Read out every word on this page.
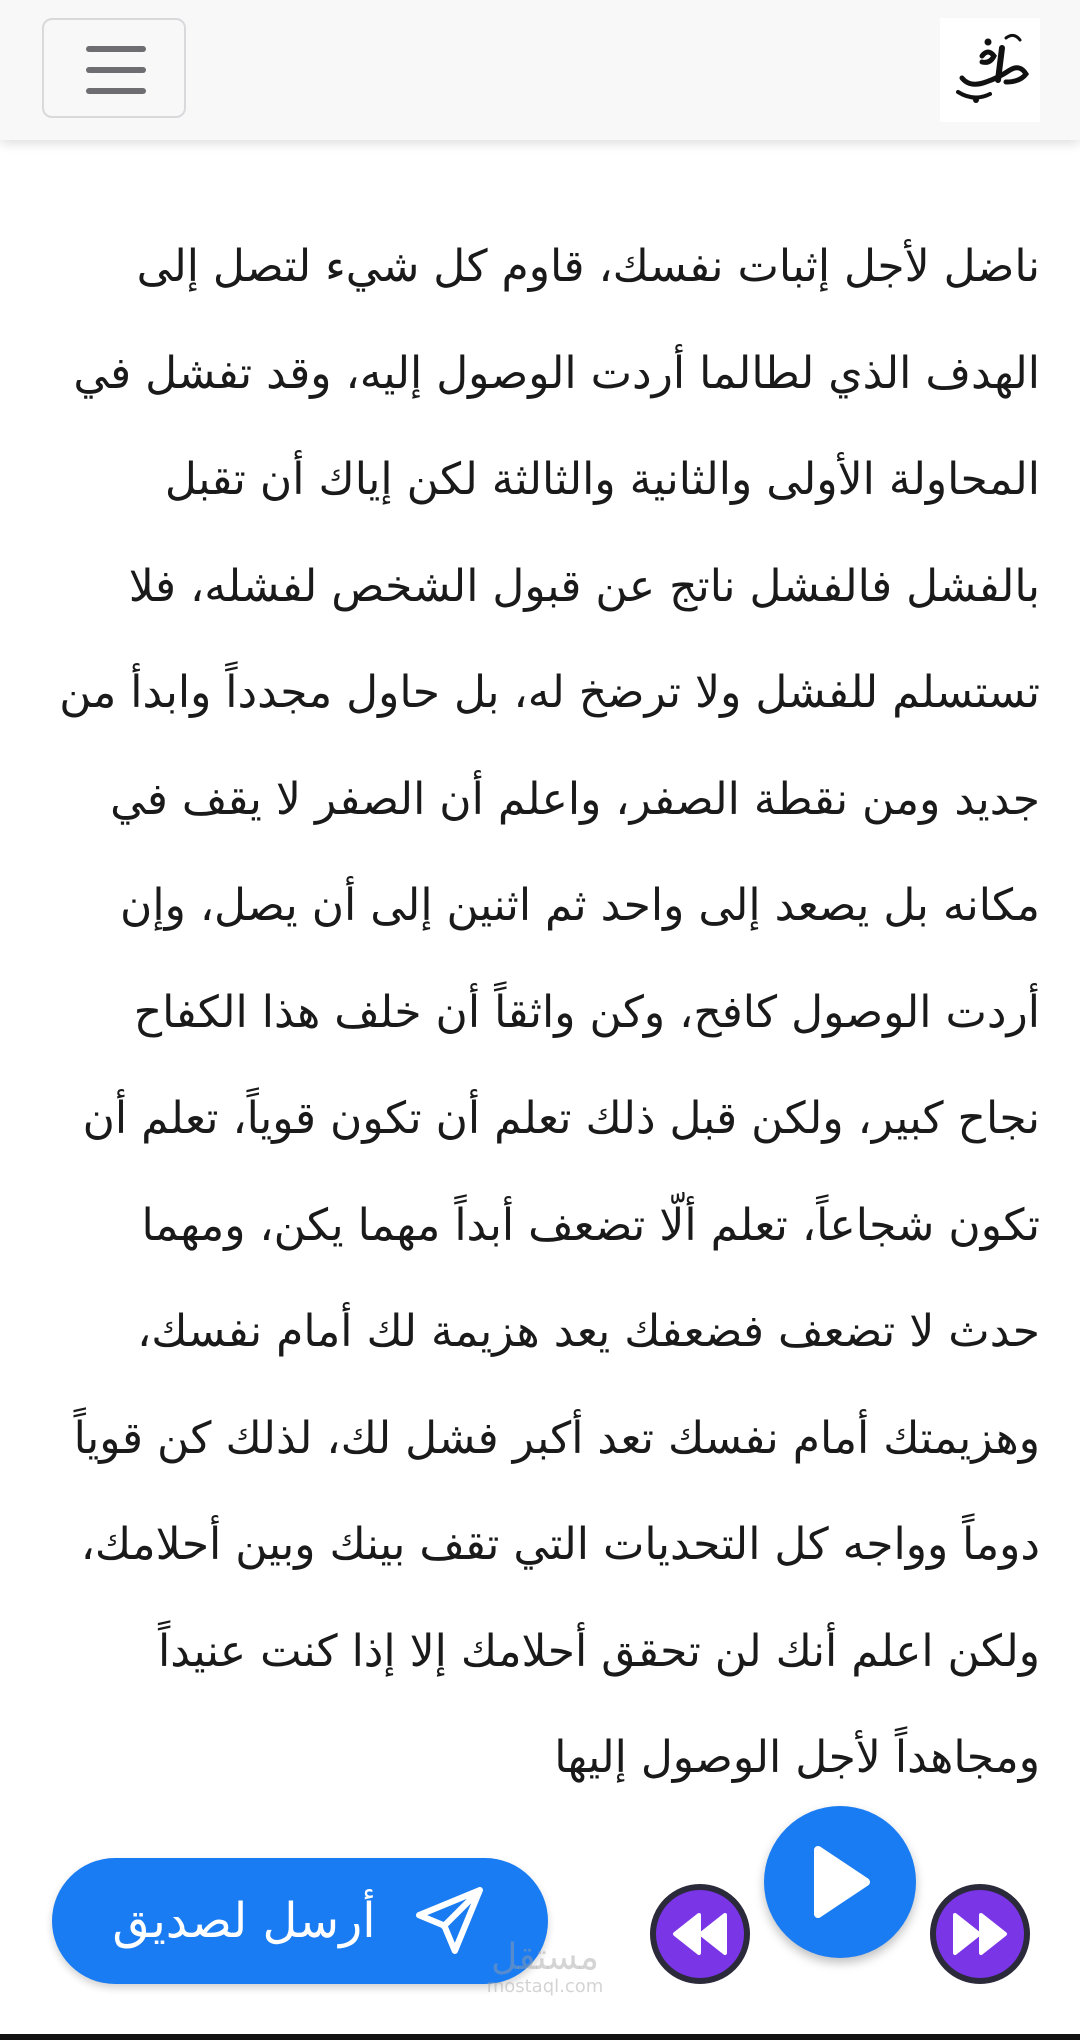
ناضل لأجل إثبات نفسك، قاوم كل شيء لتصل إلى الهدف الذي لطالما أردت الوصول إليه، وقد تفشل في المحاولة الأولى والثانية والثالثة لكن إياك أن تقبل بالفشل فالفشل ناتج عن قبول الشخص لفشله، فلا تستسلم للفشل ولا ترضخ له، بل حاول مجدداً وابدأ من جديد ومن نقطة الصفر، واعلم أن الصفر لا يقف في مكانه بل يصعد إلى واحد ثم اثنين إلى أن يصل، وإن أردت الوصول كافح، وكن واثقاً أن خلف هذا الكفاح نجاح كبير، ولكن قبل ذلك تعلم أن تكون قوياً، تعلم أن تكون شجاعاً، تعلم ألّا تضعف أبداً مهما يكن، ومهما حدث لا تضعف فضعفك يعد هزيمة لك أمام نفسك، وهزيمتك أمام نفسك تعد أكبر فشل لك، لذلك كن قوياً دوماً وواجه كل التحديات التي تقف بينك وبين أحلامك، ولكن اعلم أنك لن تحقق أحلامك إلا إذا كنت عنيداً ومجاهداً لأجل الوصول إليها

أرسل لصديق
مستقل
mostaql.com
